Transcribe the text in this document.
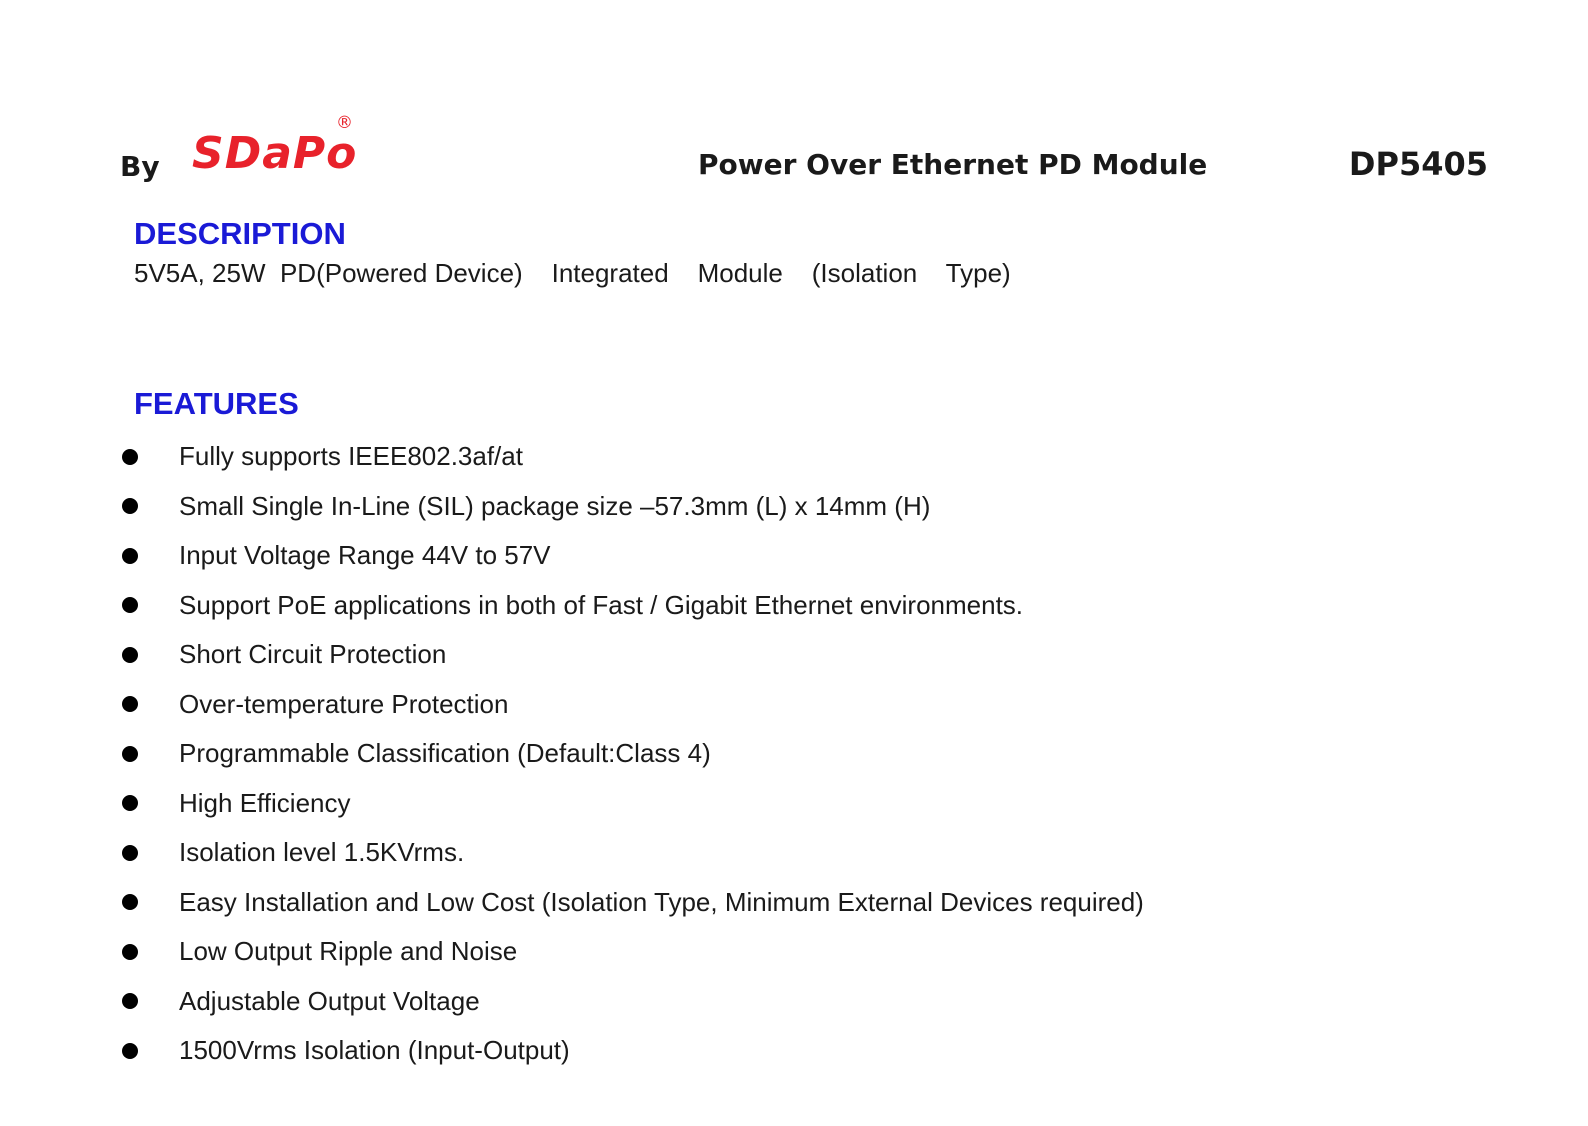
By SDaPo
®
Power Over Ethernet PD Module	DP5405
DESCRIPTION
5V5A, 25W  PD(Powered Device)    Integrated    Module    (Isolation    Type)
FEATURES
Fully supports IEEE802.3af/at
Small Single In-Line (SIL) package size –57.3mm (L) x 14mm (H)
Input Voltage Range 44V to 57V
Support PoE applications in both of Fast / Gigabit Ethernet environments.
Short Circuit Protection
Over-temperature Protection
Programmable Classification (Default:Class 4)
High Efficiency
Isolation level 1.5KVrms.
Easy Installation and Low Cost (Isolation Type, Minimum External Devices required)
Low Output Ripple and Noise
Adjustable Output Voltage
1500Vrms Isolation (Input-Output)
